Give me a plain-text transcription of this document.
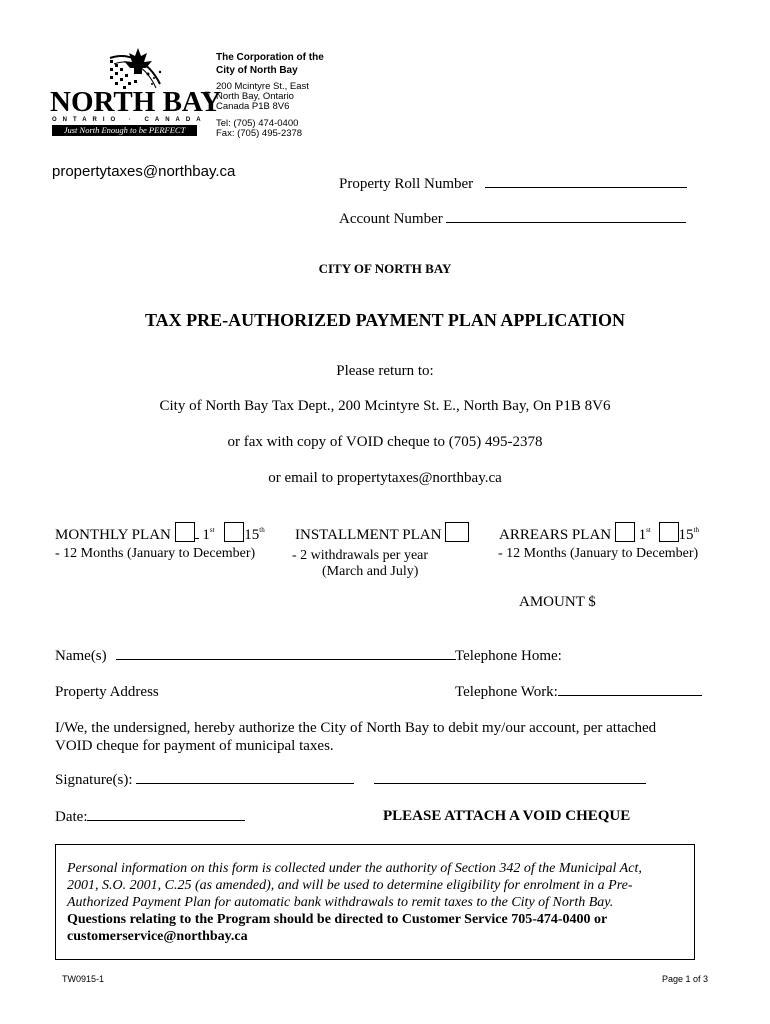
NORTH BAY
ONTARIO · CANADA
Just North Enough to be PERFECT
The Corporation of the
City of North Bay
200 Mcintyre St., East
North Bay, Ontario
Canada P1B 8V6
Tel: (705) 474-0400
Fax: (705) 495-2378
propertytaxes@northbay.ca
Property Roll Number
Account Number
CITY OF NORTH BAY
TAX PRE-AUTHORIZED PAYMENT PLAN APPLICATION
Please return to:
City of North Bay Tax Dept., 200 Mcintyre St. E., North Bay, On P1B 8V6
or fax with copy of VOID cheque to (705) 495-2378
or email to propertytaxes@northbay.ca
MONTHLY PLAN 1st 15th
- 12 Months (January to December)
INSTALLMENT PLAN
- 2 withdrawals per year
(March and July)
ARREARS PLAN 1st 15th
- 12 Months (January to December)
AMOUNT $
Name(s)	Telephone Home:
Property Address	Telephone Work:
I/We, the undersigned, hereby authorize the City of North Bay to debit my/our account, per attached
VOID cheque for payment of municipal taxes.
Signature(s):
Date:	PLEASE ATTACH A VOID CHEQUE
Personal information on this form is collected under the authority of Section 342 of the Municipal Act,
2001, S.O. 2001, C.25 (as amended), and will be used to determine eligibility for enrolment in a Pre-
Authorized Payment Plan for automatic bank withdrawals to remit taxes to the City of North Bay.
Questions relating to the Program should be directed to Customer Service 705-474-0400 or
customerservice@northbay.ca
TW0915-1	Page 1 of 3
